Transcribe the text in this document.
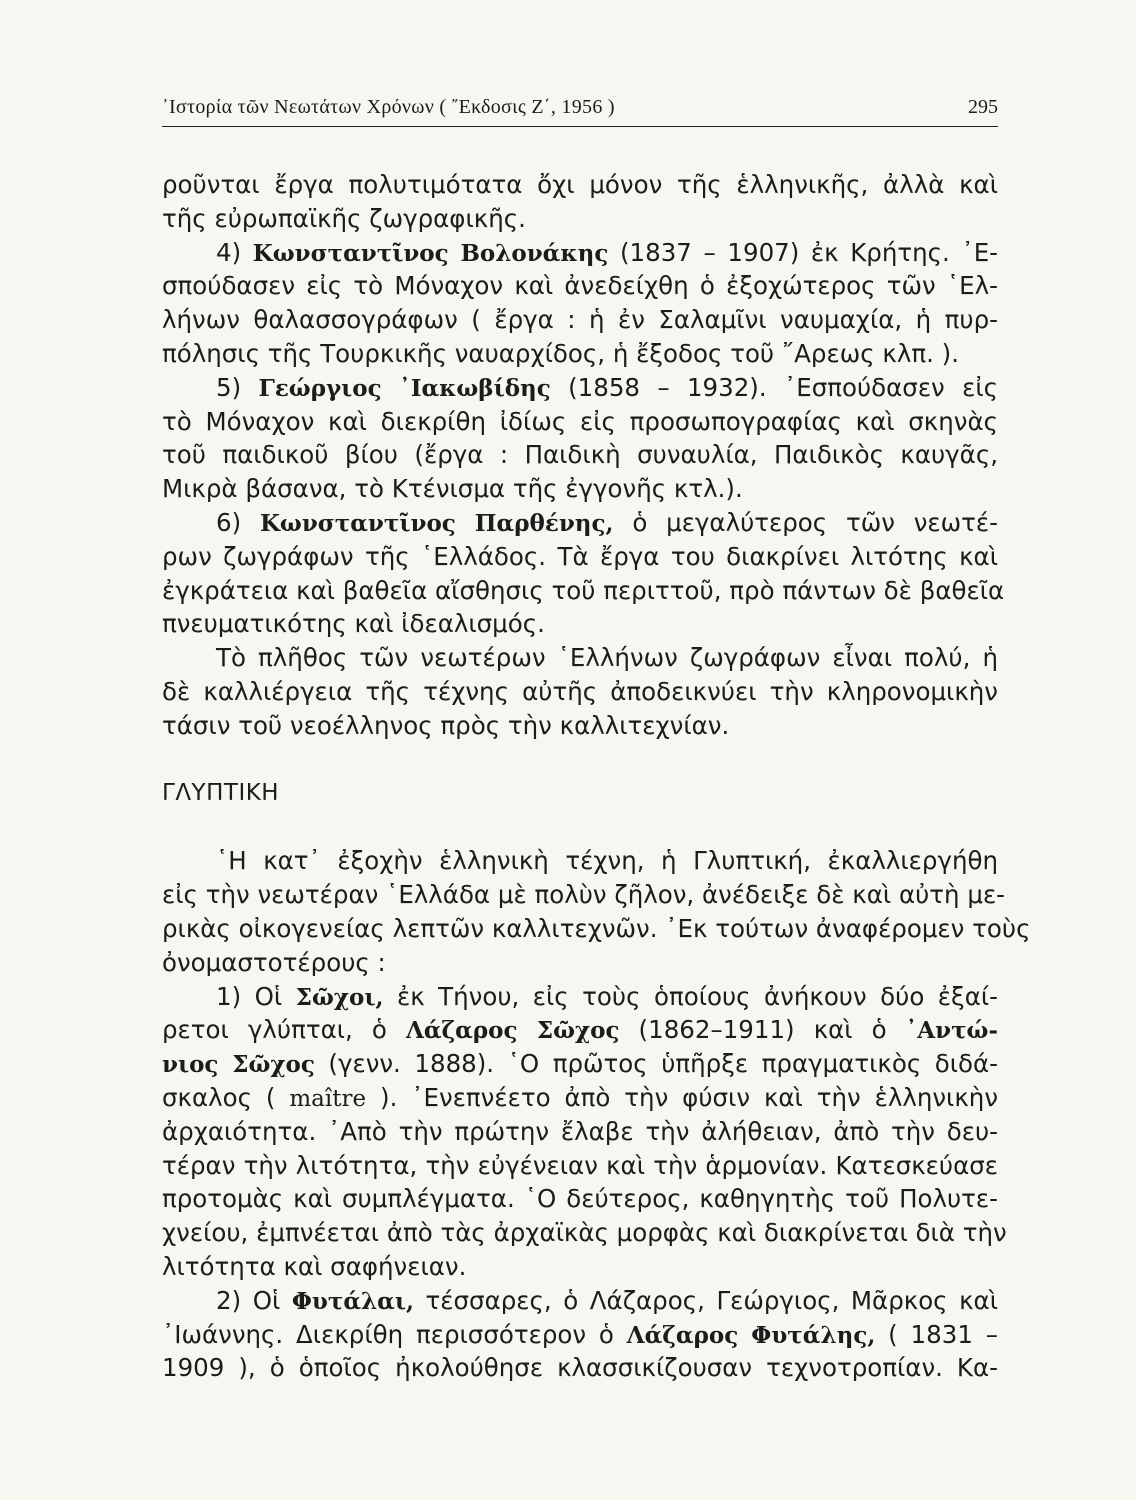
᾿Ιστορία τῶν Νεωτάτων Χρόνων ( ῎Εκδοσις Ζ΄, 1956 )	295
ροῦνται ἔργα πολυτιμότατα ὄχι μόνον τῆς ἑλληνικῆς, ἀλλὰ καὶ
τῆς εὐρωπαϊκῆς ζωγραφικῆς.
4) Κωνσταντῖνος Βολονάκης (1837 – 1907) ἐκ Κρήτης. ᾿Ε-
σπούδασεν εἰς τὸ Μόναχον καὶ ἀνεδείχθη ὁ ἐξοχώτερος τῶν ῾Ελ-
λήνων θαλασσογράφων ( ἔργα : ἡ ἐν Σαλαμῖνι ναυμαχία, ἡ πυρ-
πόλησις τῆς Τουρκικῆς ναυαρχίδος, ἡ ἔξοδος τοῦ ῎Αρεως κλπ. ).
5) Γεώργιος ᾿Ιακωβίδης (1858 – 1932). ᾿Εσπούδασεν εἰς
τὸ Μόναχον καὶ διεκρίθη ἰδίως εἰς προσωπογραφίας καὶ σκηνὰς
τοῦ παιδικοῦ βίου (ἔργα : Παιδικὴ συναυλία, Παιδικὸς καυγᾶς,
Μικρὰ βάσανα, τὸ Κτένισμα τῆς ἐγγονῆς κτλ.).
6) Κωνσταντῖνος Παρθένης, ὁ μεγαλύτερος τῶν νεωτέ-
ρων ζωγράφων τῆς ῾Ελλάδος. Τὰ ἔργα του διακρίνει λιτότης καὶ
ἐγκράτεια καὶ βαθεῖα αἴσθησις τοῦ περιττοῦ, πρὸ πάντων δὲ βαθεῖα
πνευματικότης καὶ ἰδεαλισμός.
Τὸ πλῆθος τῶν νεωτέρων ῾Ελλήνων ζωγράφων εἶναι πολύ, ἡ
δὲ καλλιέργεια τῆς τέχνης αὐτῆς ἀποδεικνύει τὴν κληρονομικὴν
τάσιν τοῦ νεοέλληνος πρὸς τὴν καλλιτεχνίαν.
ΓΛΥΠΤΙΚΗ
῾Η κατ᾿ ἐξοχὴν ἑλληνικὴ τέχνη, ἡ Γλυπτική, ἐκαλλιεργήθη
εἰς τὴν νεωτέραν ῾Ελλάδα μὲ πολὺν ζῆλον, ἀνέδειξε δὲ καὶ αὐτὴ με-
ρικὰς οἰκογενείας λεπτῶν καλλιτεχνῶν. ᾿Εκ τούτων ἀναφέρομεν τοὺς
ὀνομαστοτέρους :
1) Οἱ Σῶχοι, ἐκ Τήνου, εἰς τοὺς ὁποίους ἀνήκουν δύο ἐξαί-
ρετοι γλύπται, ὁ Λάζαρος Σῶχος (1862–1911) καὶ ὁ ᾿Αντώ-
νιος Σῶχος (γενν. 1888). ῾Ο πρῶτος ὑπῆρξε πραγματικὸς διδά-
σκαλος ( maître ). ᾿Ενεπνέετο ἀπὸ τὴν φύσιν καὶ τὴν ἑλληνικὴν
ἀρχαιότητα. ᾿Απὸ τὴν πρώτην ἔλαβε τὴν ἀλήθειαν, ἀπὸ τὴν δευ-
τέραν τὴν λιτότητα, τὴν εὐγένειαν καὶ τὴν ἁρμονίαν. Κατεσκεύασε
προτομὰς καὶ συμπλέγματα. ῾Ο δεύτερος, καθηγητὴς τοῦ Πολυτε-
χνείου, ἐμπνέεται ἀπὸ τὰς ἀρχαϊκὰς μορφὰς καὶ διακρίνεται διὰ τὴν
λιτότητα καὶ σαφήνειαν.
2) Οἱ Φυτάλαι, τέσσαρες, ὁ Λάζαρος, Γεώργιος, Μᾶρκος καὶ
᾿Ιωάννης. Διεκρίθη περισσότερον ὁ Λάζαρος Φυτάλης, ( 1831 –
1909 ), ὁ ὁποῖος ἠκολούθησε κλασσικίζουσαν τεχνοτροπίαν. Κα-
